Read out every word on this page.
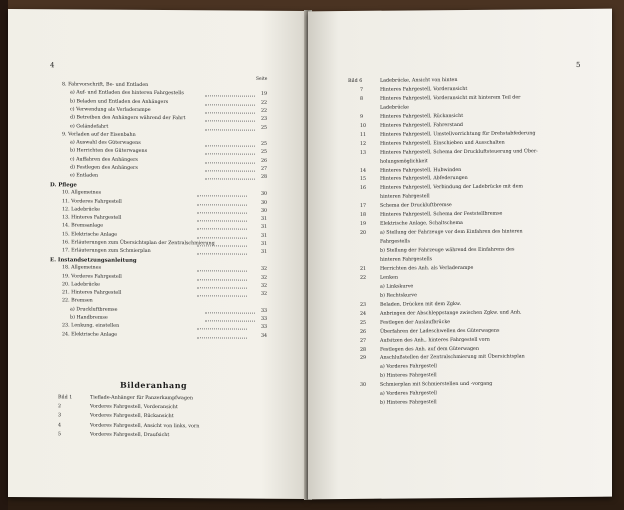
4
Seite
Bilderanhang
8. Fahrvorschrift, Be- und Entladen
a) Auf- und Entladen des hinteren Fahrgestells	19
b) Beladen und Entladen des Anhängers	22
c) Verwendung als Verladerampe	22
d) Betreiben des Anhängers während der Fahrt	23
e) Geländefahrt	25
9. Verladen auf der Eisenbahn
a) Auswahl des Güterwagens	25
b) Herrichten des Güterwagens	25
c) Auffahren des Anhängers	26
d) Festlegen des Anhängers	27
e) Entladen	28
D. Pflege
10. Allgemeines	30
11. Vorderes Fahrgestell	30
12. Ladebrücke	30
13. Hinteres Fahrgestell	31
14. Bremsanlage	31
15. Elektrische Anlage	31
16. Erläuterungen zum Übersichtsplan der Zentralschmierung	31
17. Erläuterungen zum Schmierplan	31
E. Instandsetzungsanleitung
18. Allgemeines	32
19. Vorderes Fahrgestell	32
20. Ladebrücke	32
21. Hinteres Fahrgestell	32
22. Bremsen
a) Druckluftbremse	33
b) Handbremse	33
23. Lenkung, einstellen	33
24. Elektrische Anlage	34
Bild 1	Tieflade-Anhänger für Panzerkampfwagen
2	Vorderes Fahrgestell, Vorderansicht
3	Vorderes Fahrgestell, Rückansicht
4	Vorderes Fahrgestell, Ansicht von links, vorn
5	Vorderes Fahrgestell, Draufsicht
5
Bild 6	Ladebrücke, Ansicht von hinten
7	Hinteres Fahrgestell, Vorderansicht
8	Hinteres Fahrgestell, Vorderansicht mit hinterem Teil der
Ladebrücke
9	Hinteres Fahrgestell, Rückansicht
10	Hinteres Fahrgestell, Fahrerstand
11	Hinteres Fahrgestell, Umstellvorrichtung für Drehstabfederung
12	Hinteres Fahrgestell, Einschieben und Ausschalten
13	Hinteres Fahrgestell, Schema der Druckluftsteuerung und Über-
holungsmöglichkeit
14	Hinteres Fahrgestell, Hubwinden
15	Hinteres Fahrgestell, Abfederungen
16	Hinteres Fahrgestell, Verbindung der Ladebrücke mit dem
hinteren Fahrgestell
17	Schema der Druckluftbremse
18	Hinteres Fahrgestell, Schema der Feststellbremse
19	Elektrische Anlage, Schaltschema
20	a) Stellung der Fahrzeuge vor dem Einfahren des hinteren
Fahrgestells
b) Stellung der Fahrzeuge während des Einfahrens des
hinteren Fahrgestells
21	Herrichten des Anh. als Verladerampe
22	Lenken
a) Linkskurve
b) Rechtskurve
23	Beladen, Drücken mit dem Zgkw.
24	Anbringen der Abschleppstange zwischen Zgkw. und Anh.
25	Festlegen der Auslaufbrücke
26	Überfahren der Ladeschwellen des Güterwagens
27	Aufsitzen des Anh., hinteres Fahrgestell vorn
28	Festlegen des Anh. auf dem Güterwagen
29	Anschlußstellen der Zentralschmierung mit Übersichtsplan
a) Vorderes Fahrgestell
b) Hinteres Fahrgestell
30	Schmierplan mit Schmierstellen und -vorgang
a) Vorderes Fahrgestell
b) Hinteres Fahrgestell
